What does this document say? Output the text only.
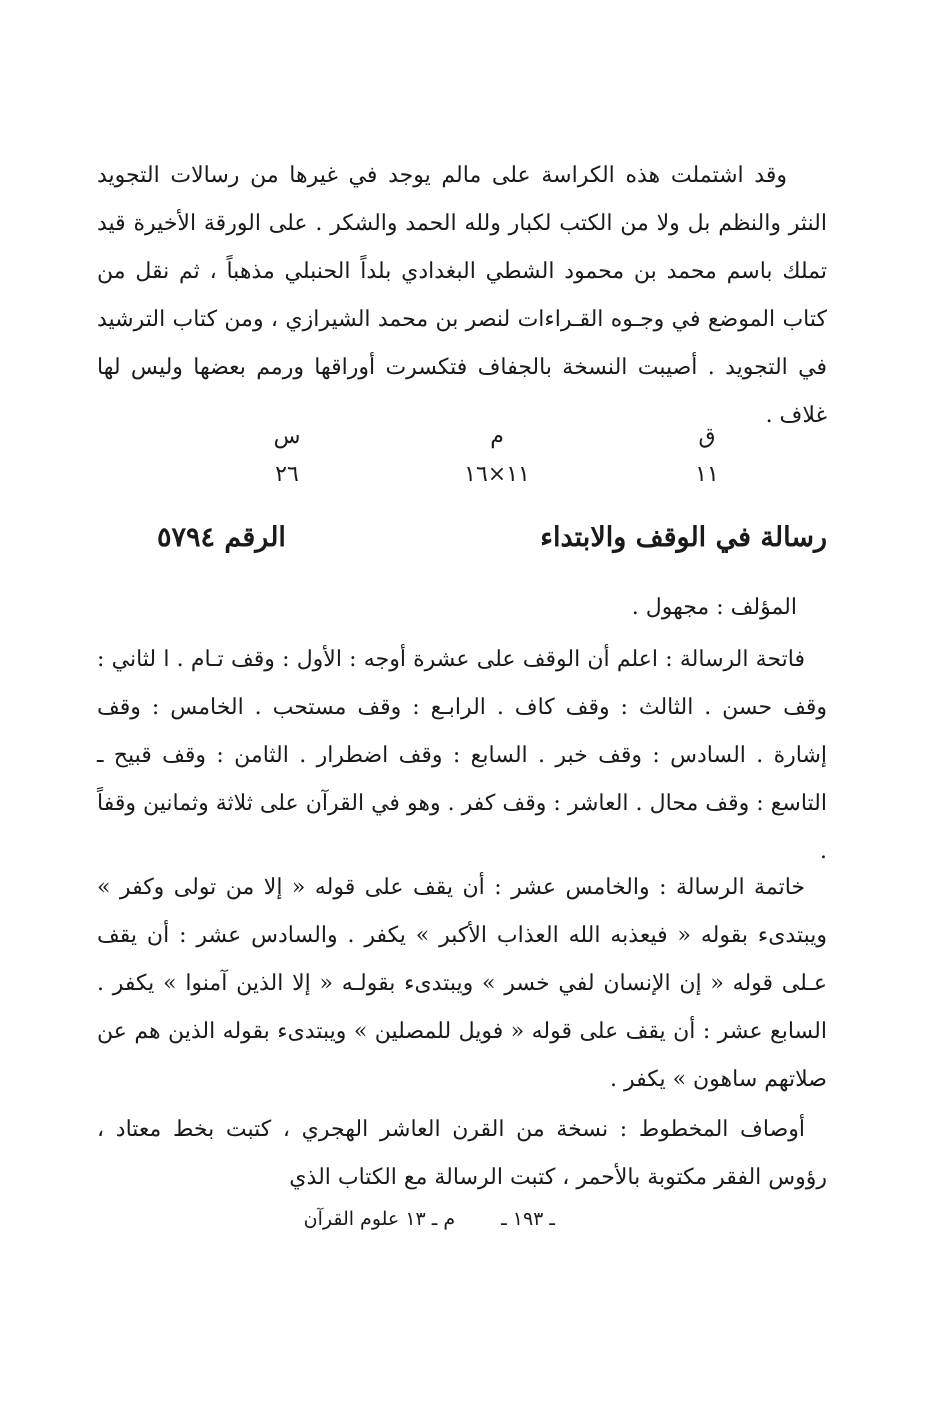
وقد اشتملت هذه الكراسة على مالم يوجد في غيرها من رسالات التجويد النثر والنظم بل ولا من الكتب لكبار ولله الحمد والشكر . على الورقة الأخيرة قيد تملك باسم محمد بن محمود الشطي البغدادي بلداً الحنبلي مذهباً ، ثم نقل من كتاب الموضع في وجـوه القـراءات لنصر بن محمد الشيرازي ، ومن كتاب الترشيد في التجويد . أصيبت النسخة بالجفاف فتكسرت أوراقها ورمم بعضها وليس لها غلاف .

ق
م
س
١١
١١×١٦
٢٦
رسالة في الوقف والابتداء
الرقم ٥٧٩٤

المؤلف : مجهول .

فاتحة الرسالة : اعلم أن الوقف على عشرة أوجه : الأول : وقف تـام . ا لثاني : وقف حسن . الثالث : وقف كاف . الرابـع : وقف مستحب . الخامس : وقف إشارة . السادس : وقف خبر . السابع : وقف اضطرار . الثامن : وقف قبيح ـ التاسع : وقف محال . العاشر : وقف كفر . وهو في القرآن على ثلاثة وثمانين وقفاً .

خاتمة الرسالة : والخامس عشر : أن يقف على قوله « إلا من تولى وكفر » ويبتدىء بقوله « فيعذبه الله العذاب الأكبر » يكفر . والسادس عشر : أن يقف عـلى قوله « إن الإنسان لفي خسر » ويبتدىء بقولـه « إلا الذين آمنوا » يكفر . السابع عشر : أن يقف على قوله « فويل للمصلين » ويبتدىء بقوله الذين هم عن صلاتهم ساهون » يكفر .

أوصاف المخطوط : نسخة من القرن العاشر الهجري ، كتبت بخط معتاد ، رؤوس الفقر مكتوبة بالأحمر ، كتبت الرسالة مع الكتاب الذي

ـ ١٩٣ ـ
م ـ ١٣ علوم القرآن
